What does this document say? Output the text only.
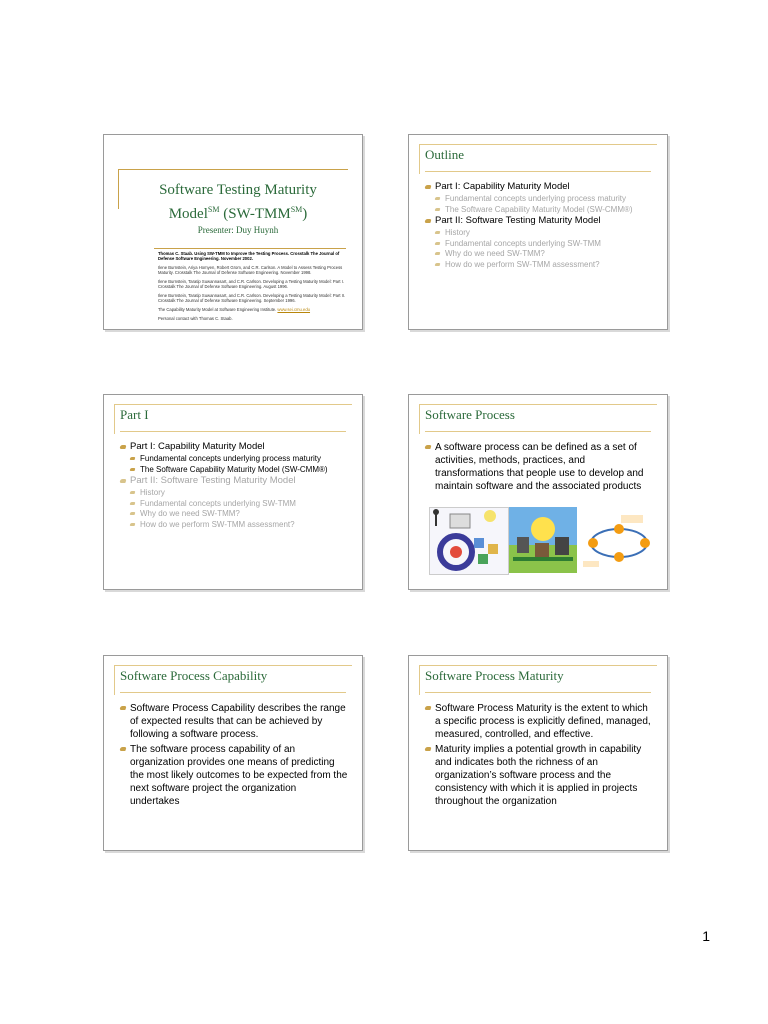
Software Testing Maturity
Model℠ (SW-TMM℠)
Presenter: Duy Huynh

Thomas C. Staab. Using SW-TMM to Improve the Testing Process. Crosstalk The Journal of Defense Software Engineering. November 2002.

Ilene Burnstein, Ariya Homyen, Robert Grom, and C.R. Carlson. A Model to Assess Testing Process Maturity. Crosstalk The Journal of Defense Software Engineering. November 1998.

Ilene Burnstein, Taratip Suwannasart, and C.R. Carlson. Developing a Testing Maturity Model: Part I. Crosstalk The Journal of Defense Software Engineering. August 1996.

Ilene Burnstein, Taratip Suwannasart, and C.R. Carlson. Developing a Testing Maturity Model: Part II. Crosstalk The Journal of Defense Software Engineering. September 1996.

The Capability Maturity Model at Software Engineering Institute. www.sei.cmu.edu

Personal contact with Thomas C. Staab.

Outline
Part I: Capability Maturity Model
Fundamental concepts underlying process maturity
The Software Capability Maturity Model (SW-CMM®)
Part II: Software Testing Maturity Model
History
Fundamental concepts underlying SW-TMM
Why do we need SW-TMM?
How do we perform SW-TMM assessment?
Part I
Part I: Capability Maturity Model
Fundamental concepts underlying process maturity
The Software Capability Maturity Model (SW-CMM®)
Part II: Software Testing Maturity Model
History
Fundamental concepts underlying SW-TMM
Why do we need SW-TMM?
How do we perform SW-TMM assessment?
Software Process
A software process can be defined as a set of activities, methods, practices, and transformations that people use to develop and maintain software and the associated products
Software Process Capability
Software Process Capability describes the range of expected results that can be achieved by following a software process.
The software process capability of an organization provides one means of predicting the most likely outcomes to be expected from the next software project the organization undertakes
Software Process Maturity
Software Process Maturity is the extent to which a specific process is explicitly defined, managed, measured, controlled, and effective.
Maturity implies a potential growth in capability and indicates both the richness of an organization’s software process and the consistency with which it is applied in projects throughout the organization
1
